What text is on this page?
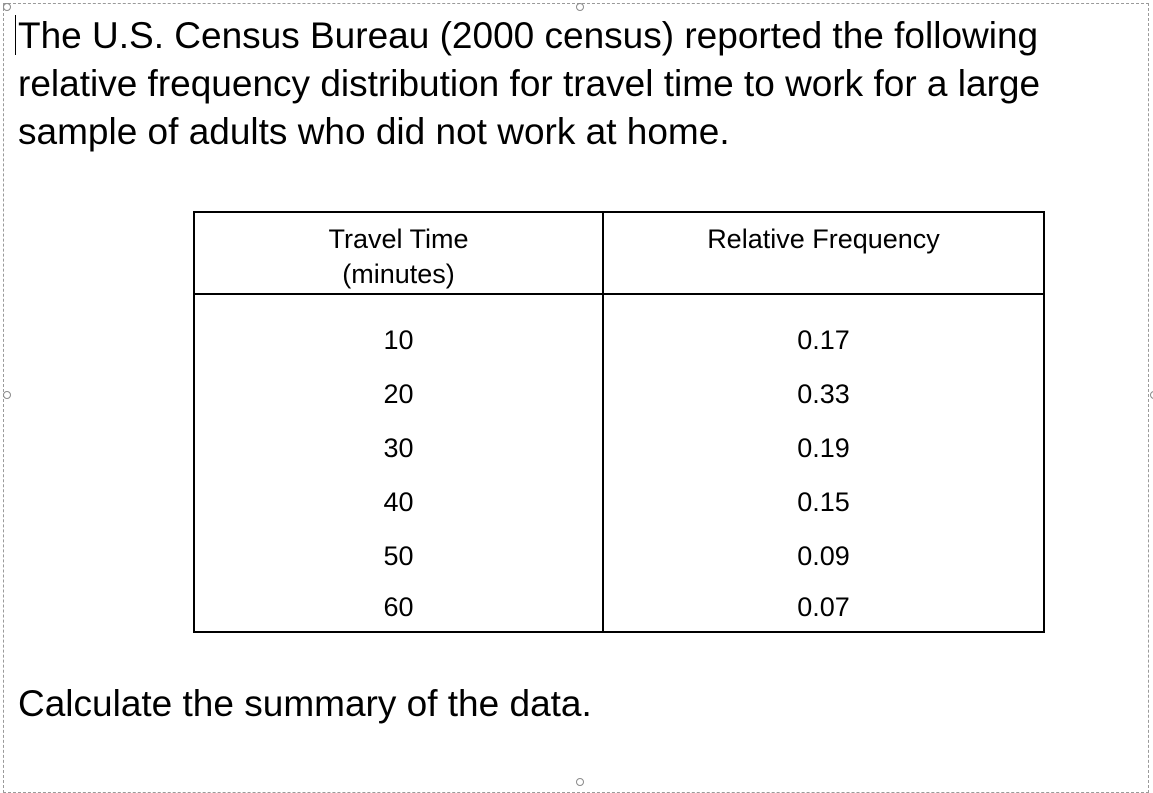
The U.S. Census Bureau (2000 census) reported the following relative frequency distribution for travel time to work for a large sample of adults who did not work at home.

Travel Time
(minutes)	Relative Frequency
10	0.17
20	0.33
30	0.19
40	0.15
50	0.09
60	0.07

Calculate the summary of the data.
